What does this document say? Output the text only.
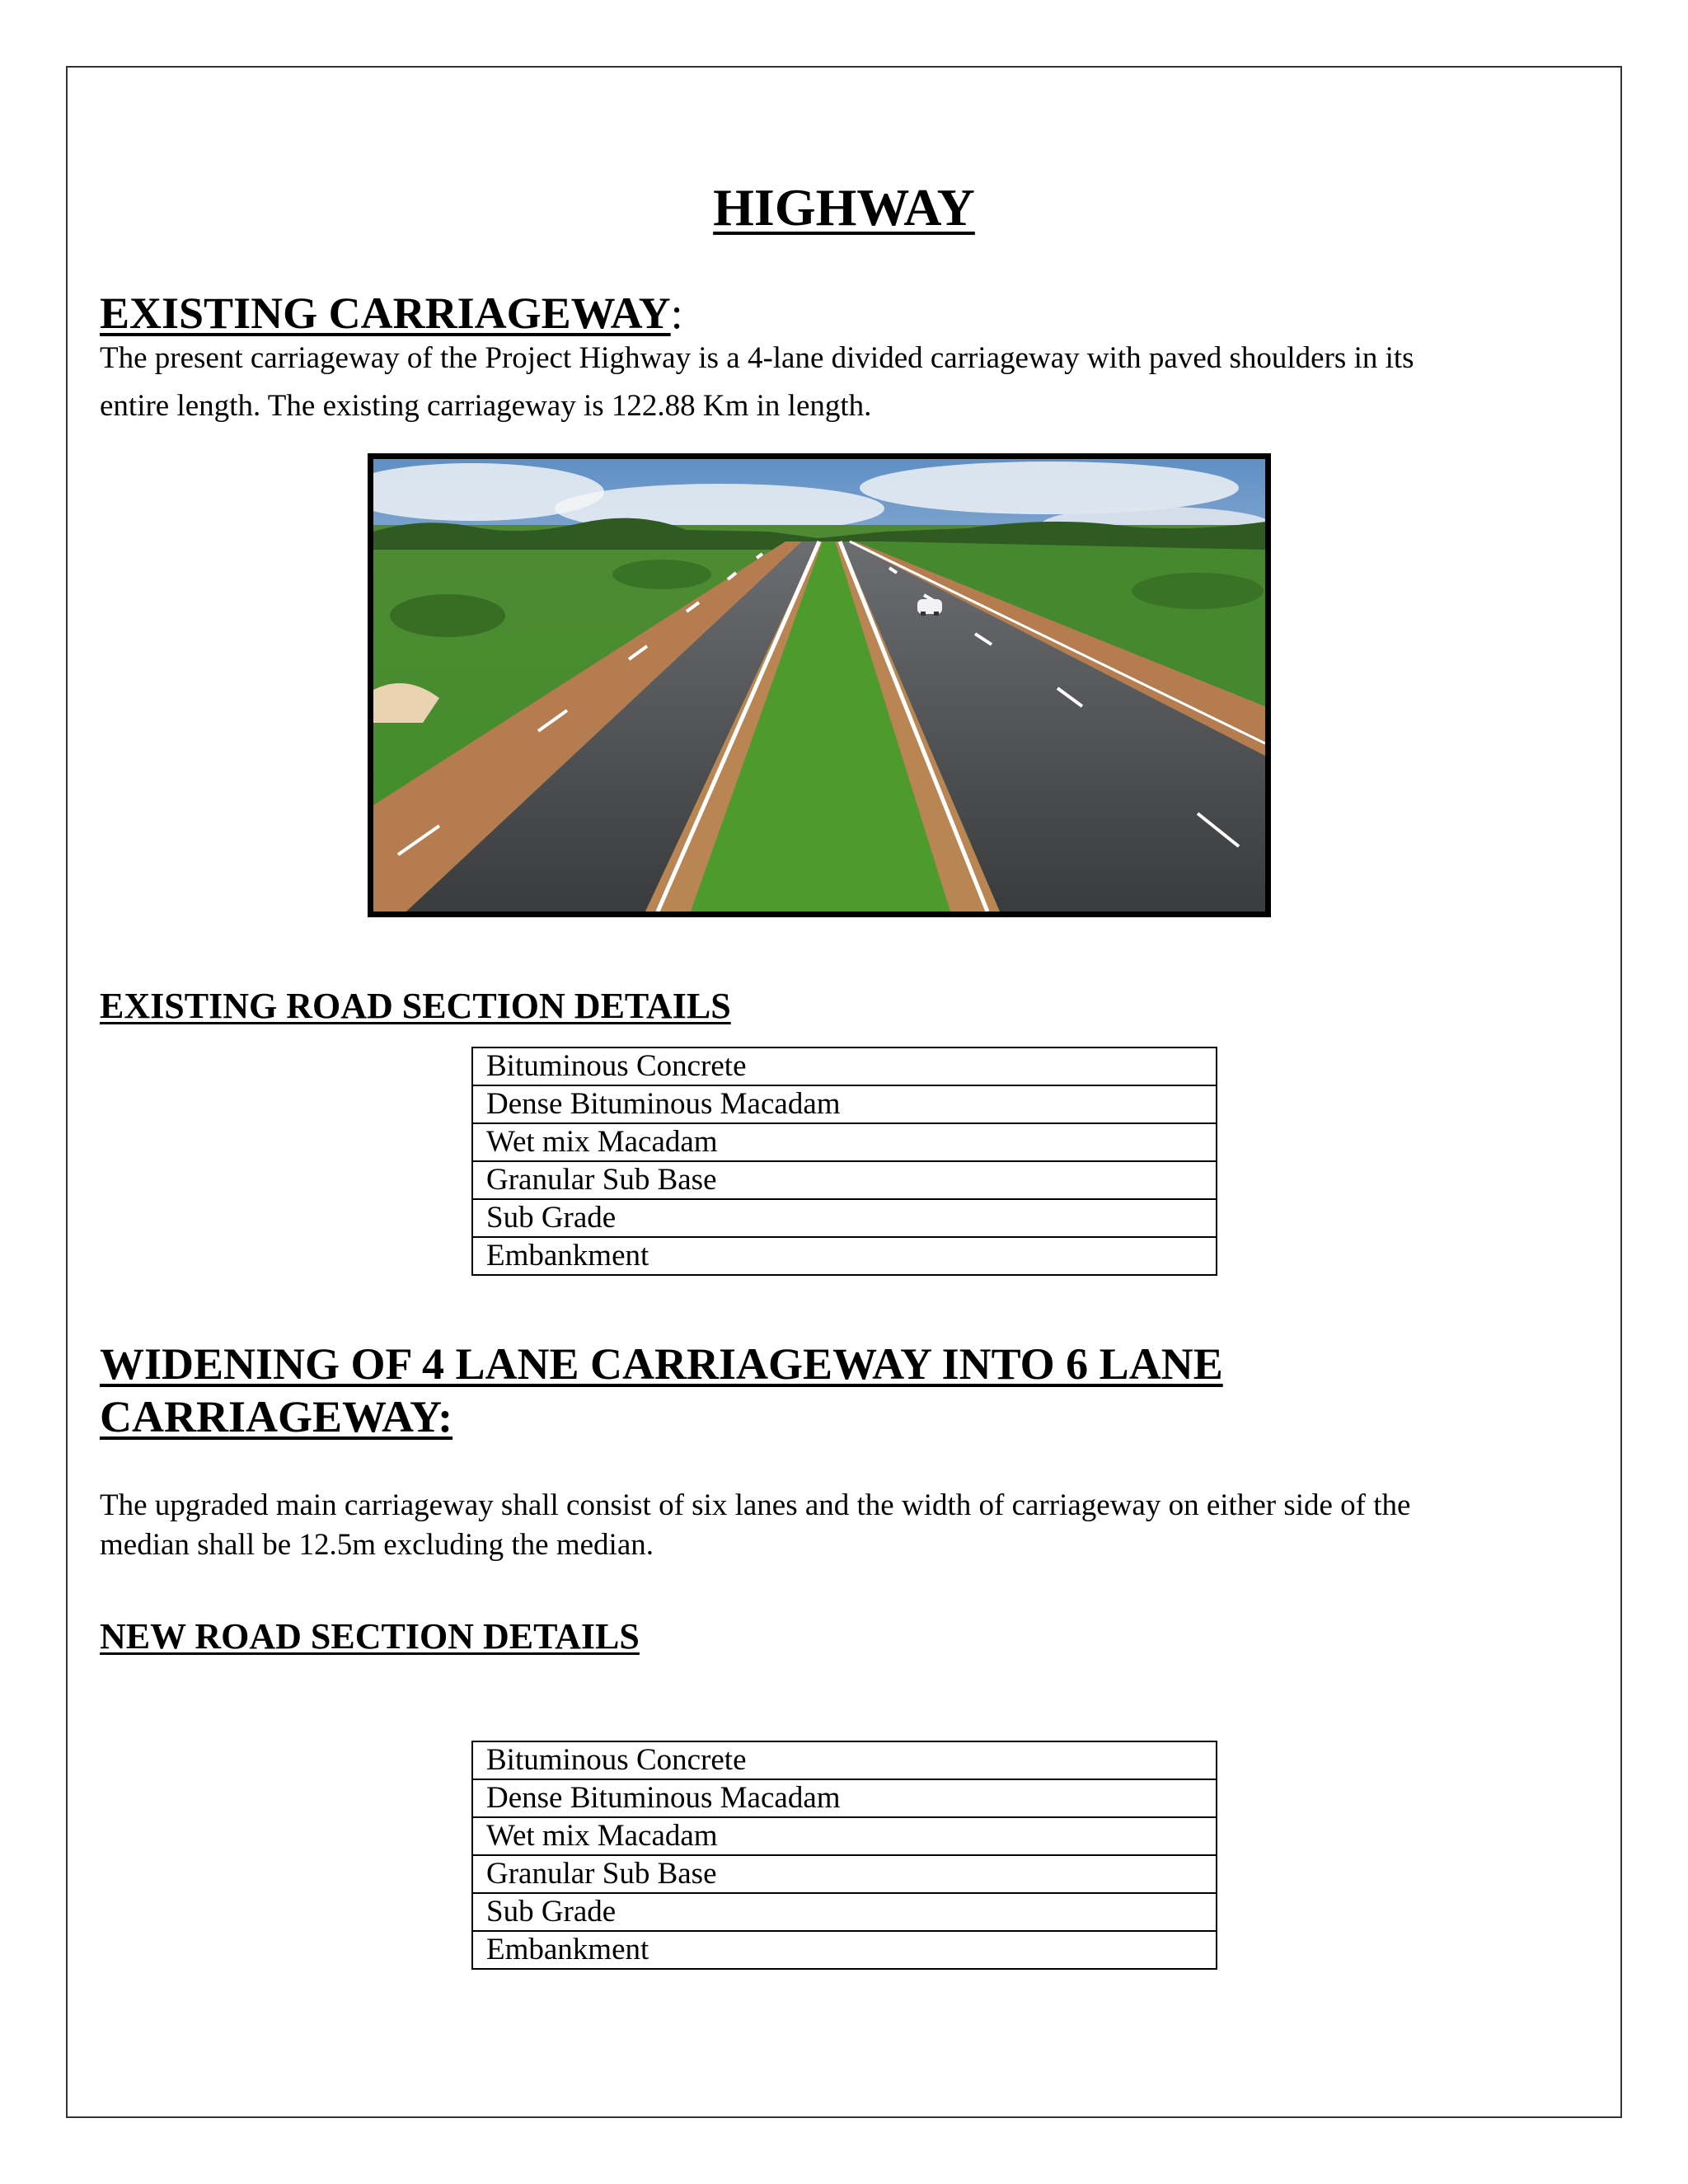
HIGHWAY
EXISTING CARRIAGEWAY:
The present carriageway of the Project Highway is a 4-lane divided carriageway with paved shoulders in its
entire length. The existing carriageway is 122.88 Km in length.
EXISTING ROAD SECTION DETAILS
Bituminous Concrete
Dense Bituminous Macadam
Wet mix Macadam
Granular Sub Base
Sub Grade
Embankment
WIDENING OF 4 LANE CARRIAGEWAY INTO 6 LANE
CARRIAGEWAY:
The upgraded main carriageway shall consist of six lanes and the width of carriageway on either side of the
median shall be 12.5m excluding the median.
NEW ROAD SECTION DETAILS
Bituminous Concrete
Dense Bituminous Macadam
Wet mix Macadam
Granular Sub Base
Sub Grade
Embankment
